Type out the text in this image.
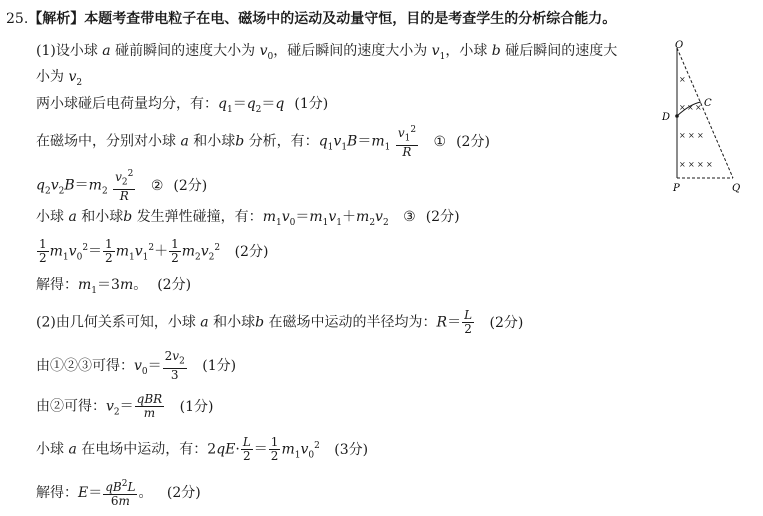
25.【解析】本题考查带电粒子在电、磁场中的运动及动量守恒，目的是考查学生的分析综合能力。
(1)设小球 a 碰前瞬间的速度大小为 $v_0$，碰后瞬间的速度大小为 $v_1$，小球 b 碰后瞬间的速度大
小为 $v_2$
两小球碰后电荷量均分，有：$q_1=q_2=q$ (1分)
在磁场中，分别对小球 a 和小球b 分析，有：$q_1v_1B=m_1 \frac{v_1^2}{R}$ ① (2分)
$q_2v_2B=m_2 \frac{v_2^2}{R}$ ② (2分)
小球 a 和小球b 发生弹性碰撞，有：$m_1v_0=m_1v_1+m_2v_2$ ③ (2分)
$\frac{1}{2} m_1v_0^2= \frac{1}{2} m_1v_1^2+ \frac{1}{2} m_2v_2^2$ (2分)
解得：$m_1=3m$。 (2分)
(2)由几何关系可知，小球 a 和小球b 在磁场中运动的半径均为：$R= \frac{L}{2} (2$分)
由①②③可得：$v_0= \frac{2v_2}{3} (1$分)
由②可得：$v_2= \frac{\text{qBR}}{m} (1$分)
小球 a 在电场中运动，有：$2qE\cdot \frac{L}{2} = \frac{1}{2} m_1v_0^2$ (3分)
解得：$E= \frac{qB^2L}{6m}$ 。 (2分)
O
C
D
P	Q
×
× × ×
× × ×
× × × ×
